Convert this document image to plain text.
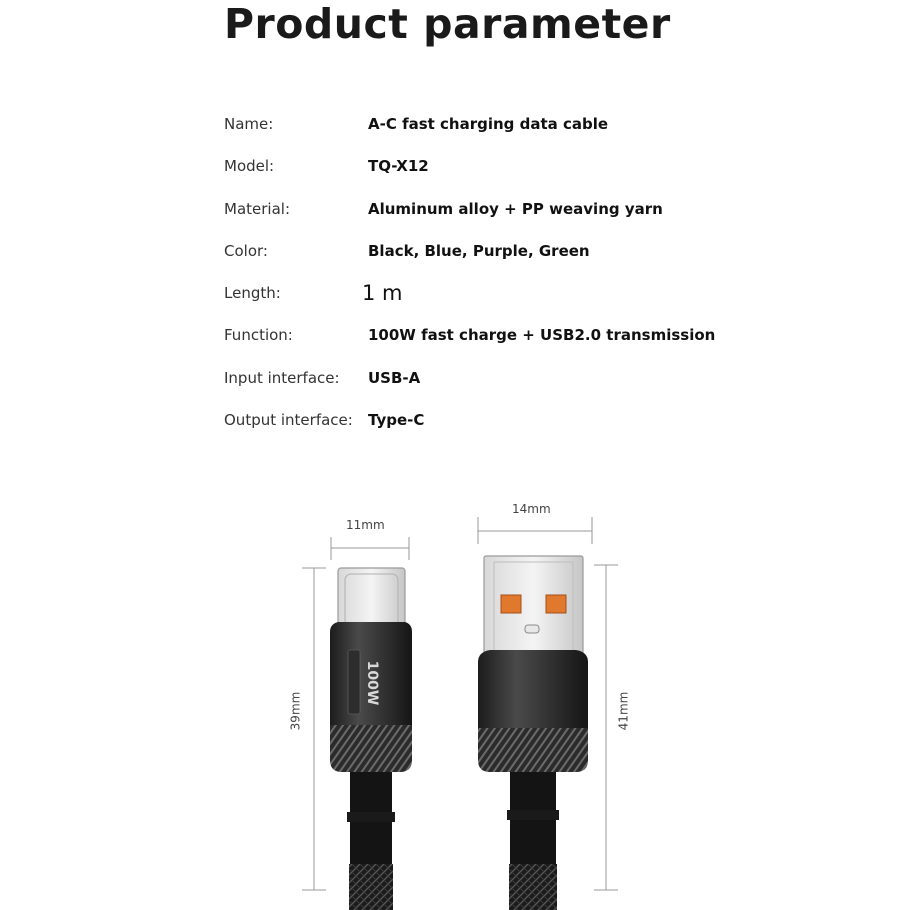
Product parameter
Name:	A-C fast charging data cable
Model:	TQ-X12
Material:	Aluminum alloy + PP weaving yarn
Color:	Black, Blue, Purple, Green
Length:	1 m
Function:	100W fast charge + USB2.0 transmission
Input interface: USB-A
Output interface: Type-C
100W
11mm
14mm
39mm	41mm
